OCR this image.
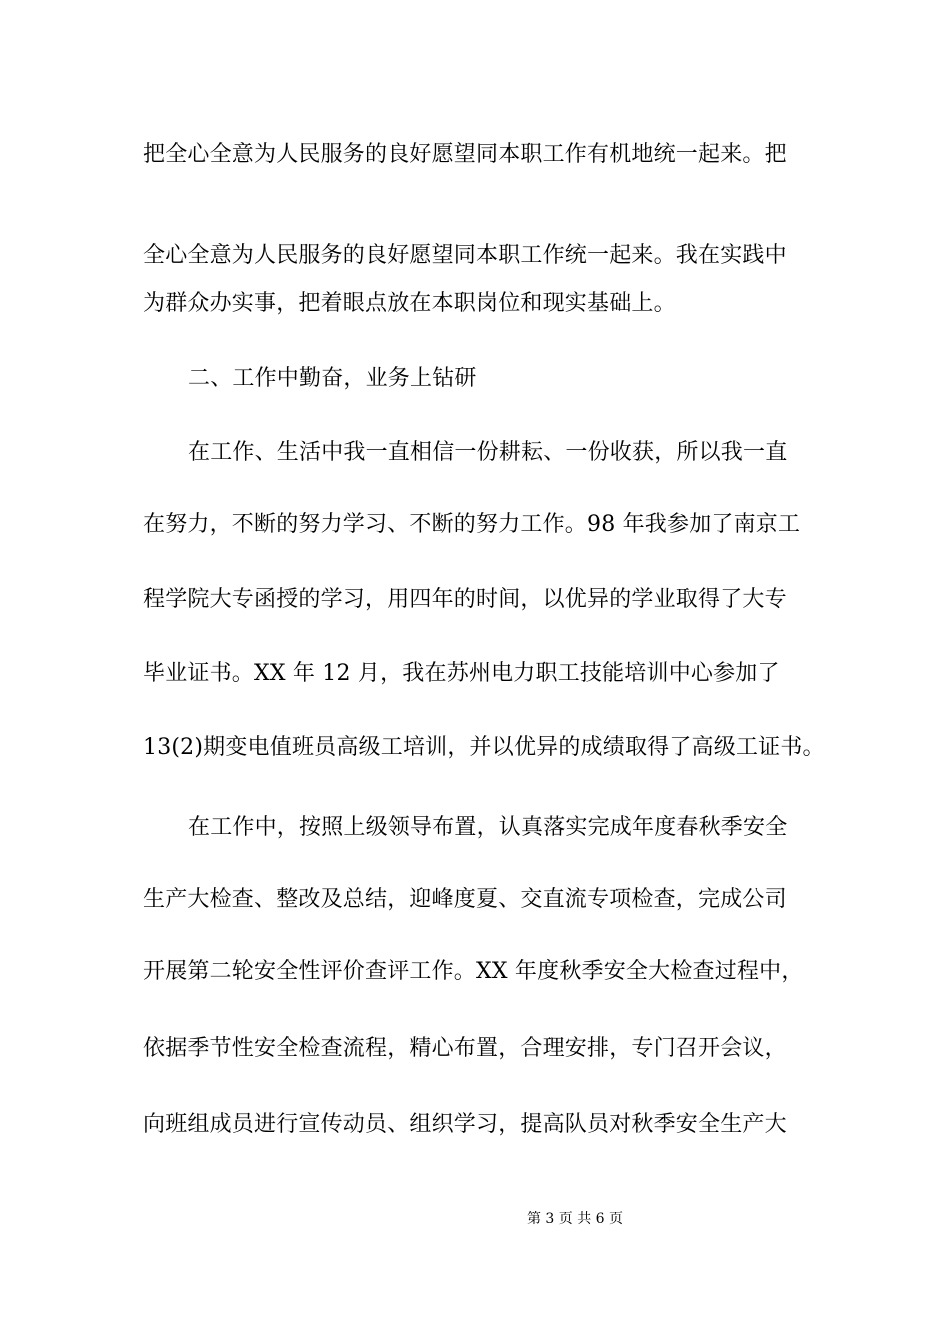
把全心全意为人民服务的良好愿望同本职工作有机地统一起来。把
全心全意为人民服务的良好愿望同本职工作统一起来。我在实践中
为群众办实事，把着眼点放在本职岗位和现实基础上。
二、工作中勤奋，业务上钻研
在工作、生活中我一直相信一份耕耘、一份收获，所以我一直
在努力，不断的努力学习、不断的努力工作。98 年我参加了南京工
程学院大专函授的学习，用四年的时间，以优异的学业取得了大专
毕业证书。XX 年 12 月，我在苏州电力职工技能培训中心参加了
13(2)期变电值班员高级工培训，并以优异的成绩取得了高级工证书。
在工作中，按照上级领导布置，认真落实完成年度春秋季安全
生产大检查、整改及总结，迎峰度夏、交直流专项检查，完成公司
开展第二轮安全性评价查评工作。XX 年度秋季安全大检查过程中，
依据季节性安全检查流程，精心布置，合理安排，专门召开会议，
向班组成员进行宣传动员、组织学习，提高队员对秋季安全生产大
第 3 页 共 6 页
